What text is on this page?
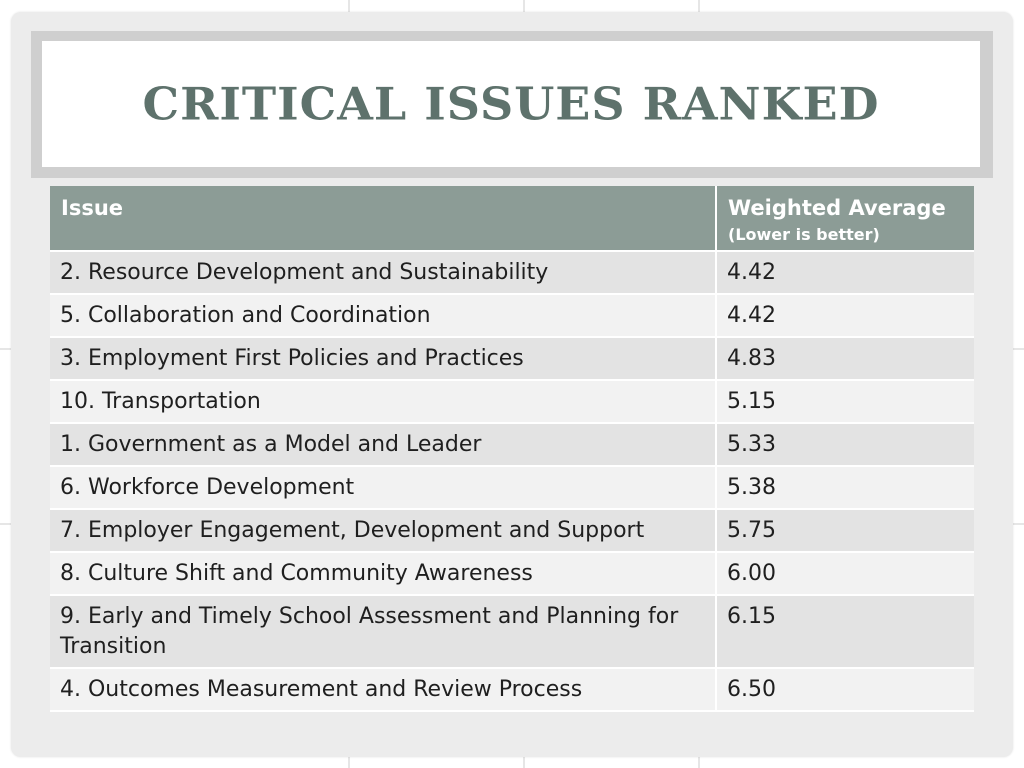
CRITICAL ISSUES RANKED
Issue	Weighted Average
(Lower is better)

2. Resource Development and Sustainability	4.42
5. Collaboration and Coordination	4.42
3. Employment First Policies and Practices	4.83
10. Transportation	5.15
1. Government as a Model and Leader	5.33
6. Workforce Development	5.38
7. Employer Engagement, Development and Support	5.75
8. Culture Shift and Community Awareness	6.00
9. Early and Timely School Assessment and Planning for Transition	6.15
4. Outcomes Measurement and Review Process	6.50
